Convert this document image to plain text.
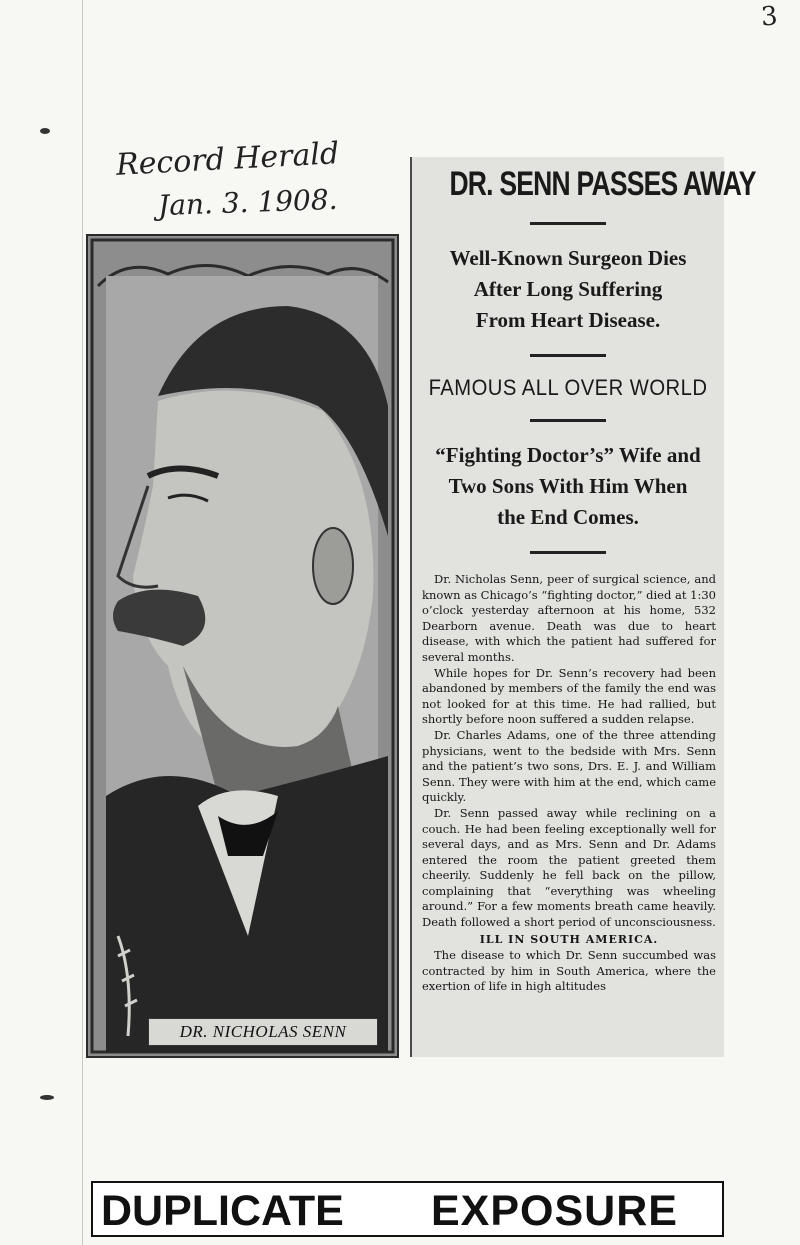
3
Record Herald
Jan. 3. 1908.
DR. NICHOLAS SENN
DR. SENN PASSES AWAY
Well-Known Surgeon Dies
After Long Suffering
From Heart Disease.
FAMOUS ALL OVER WORLD
“Fighting Doctor’s” Wife and
Two Sons With Him When
the End Comes.

Dr. Nicholas Senn, peer of surgical science, and known as Chicago’s “fighting doctor,” died at 1:30 o’clock yesterday afternoon at his home, 532 Dearborn avenue. Death was due to heart disease, with which the patient had suffered for several months.

While hopes for Dr. Senn’s recovery had been abandoned by members of the family the end was not looked for at this time. He had rallied, but shortly before noon suffered a sudden relapse.

Dr. Charles Adams, one of the three attending physicians, went to the bedside with Mrs. Senn and the patient’s two sons, Drs. E. J. and William Senn. They were with him at the end, which came quickly.

Dr. Senn passed away while reclining on a couch. He had been feeling exceptionally well for several days, and as Mrs. Senn and Dr. Adams entered the room the patient greeted them cheerily. Suddenly he fell back on the pillow, complaining that “everything was wheeling around.” For a few moments breath came heavily. Death followed a short period of unconsciousness.

ILL IN SOUTH AMERICA.

The disease to which Dr. Senn succumbed was contracted by him in South America, where the exertion of life in high altitudes

DUPLICATE EXPOSURE
